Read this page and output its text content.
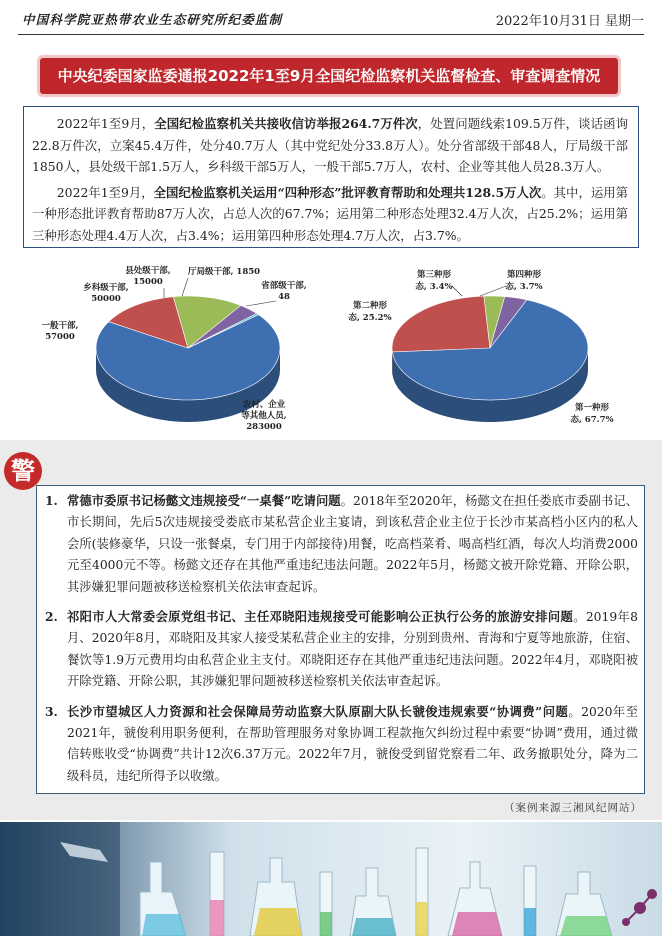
中国科学院亚热带农业生态研究所纪委监制	2022年10月31日 星期一
中央纪委国家监委通报2022年1至9月全国纪检监察机关监督检查、审查调查情况

2022年1至9月，全国纪检监察机关共接收信访举报264.7万件次，处置问题线索109.5万件，谈话函询22.8万件次，立案45.4万件，处分40.7万人（其中党纪处分33.8万人）。处分省部级干部48人，厅局级干部1850人，县处级干部1.5万人，乡科级干部5万人，一般干部5.7万人，农村、企业等其他人员28.3万人。

2022年1至9月，全国纪检监察机关运用“四种形态”批评教育帮助和处理共128.5万人次。其中，运用第一种形态批评教育帮助87万人次，占总人次的67.7%；运用第二种形态处理32.4万人次，占25.2%；运用第三种形态处理4.4万人次，占3.4%；运用第四种形态处理4.7万人次，占3.7%。

农村、企业
等其他人员,
283000
一般干部,
57000
乡科级干部,
50000
县处级干部,
15000
厅局级干部, 1850
省部级干部,
48
第一种形
态, 67.7%
第二种形
态, 25.2%
第三种形
态, 3.4%
第四种形
态, 3.7%
警
1. 常德市委原书记杨懿文违规接受“一桌餐”吃请问题。2018年至2020年，杨懿文在担任娄底市委副书记、市长期间，先后5次违规接受娄底市某私营企业主宴请，到该私营企业主位于长沙市某高档小区内的私人会所(装修豪华，只设一张餐桌，专门用于内部接待)用餐，吃高档菜肴、喝高档红酒，每次人均消费2000元至4000元不等。杨懿文还存在其他严重违纪违法问题。2022年5月，杨懿文被开除党籍、开除公职，其涉嫌犯罪问题被移送检察机关依法审查起诉。
2. 祁阳市人大常委会原党组书记、主任邓晓阳违规接受可能影响公正执行公务的旅游安排问题。2019年8月、2020年8月，邓晓阳及其家人接受某私营企业主的安排，分别到贵州、青海和宁夏等地旅游，住宿、餐饮等1.9万元费用均由私营企业主支付。邓晓阳还存在其他严重违纪违法问题。2022年4月，邓晓阳被开除党籍、开除公职，其涉嫌犯罪问题被移送检察机关依法审查起诉。
3. 长沙市望城区人力资源和社会保障局劳动监察大队原副大队长虢俊违规索要“协调费”问题。2020年至2021年，虢俊利用职务便利，在帮助管理服务对象协调工程款拖欠纠纷过程中索要“协调”费用，通过微信转账收受“协调费”共计12次6.37万元。2022年7月，虢俊受到留党察看二年、政务撤职处分，降为二级科员，违纪所得予以收缴。
（案例来源三湘风纪网站）
